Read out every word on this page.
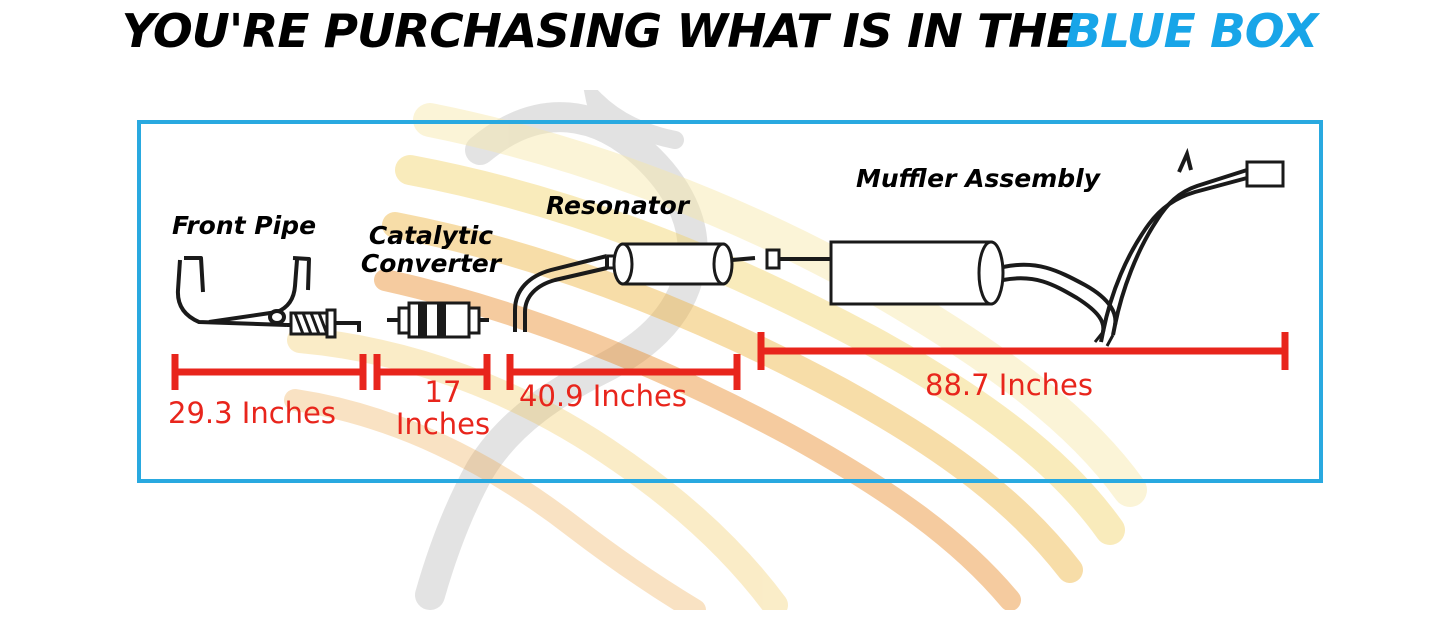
YOU'RE PURCHASING WHAT IS IN THE
BLUE BOX
Front Pipe	Catalytic Converter
Resonator
Muffler Assembly
29.3 Inches
17 Inches
40.9 Inches	88.7 Inches
